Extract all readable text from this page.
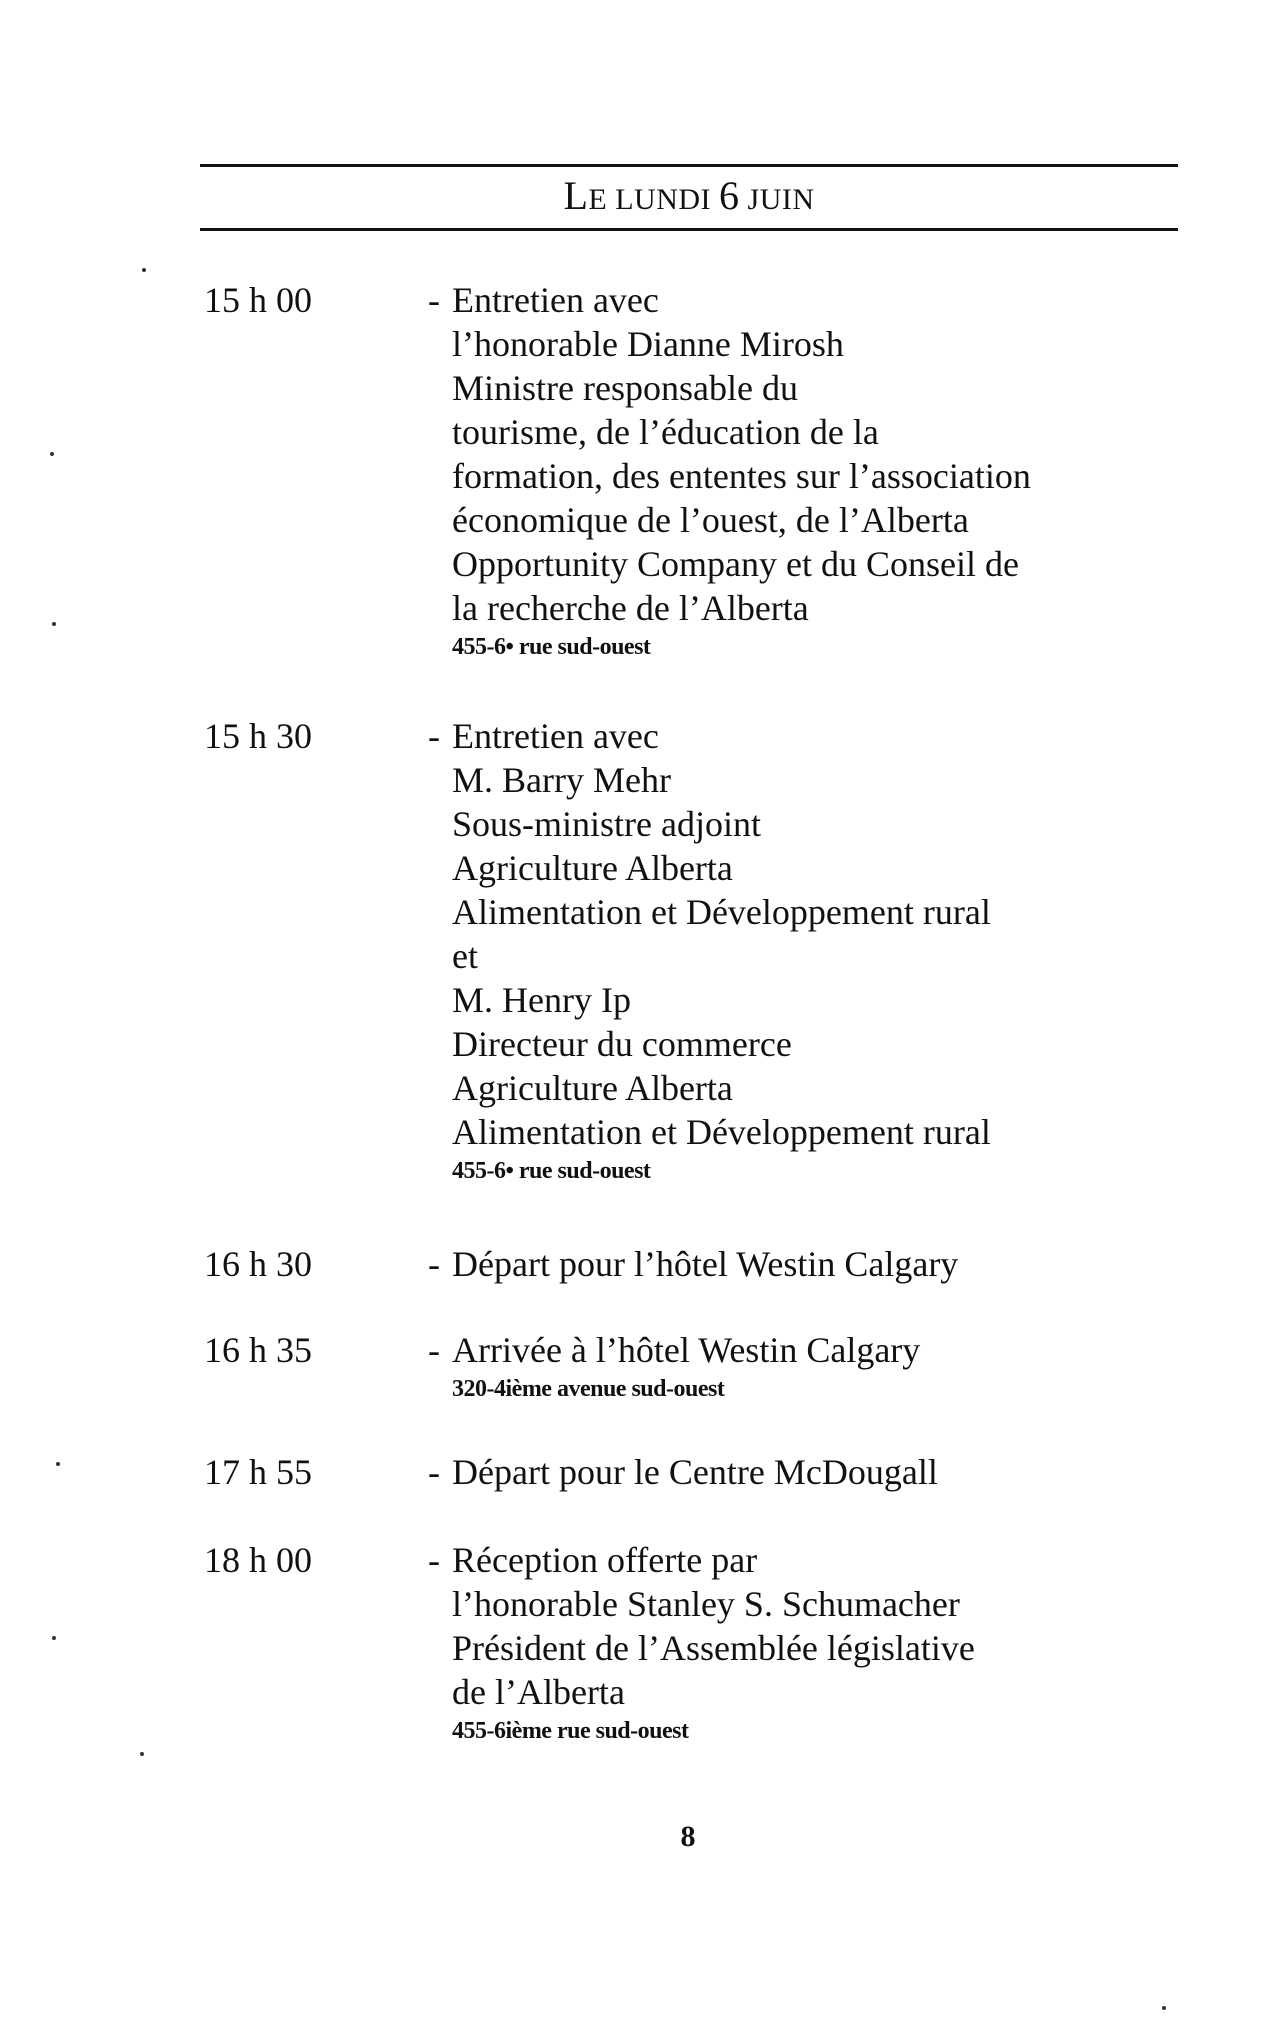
LE LUNDI 6 JUIN
15 h 00	- Entretien avec
l’honorable Dianne Mirosh
Ministre responsable du
tourisme, de l’éducation de la
formation, des ententes sur l’association
économique de l’ouest, de l’Alberta
Opportunity Company et du Conseil de
la recherche de l’Alberta
455-6• rue sud-ouest
15 h 30	- Entretien avec
M. Barry Mehr
Sous-ministre adjoint
Agriculture Alberta
Alimentation et Développement rural
et
M. Henry Ip
Directeur du commerce
Agriculture Alberta
Alimentation et Développement rural
455-6• rue sud-ouest
16 h 30	- Départ pour l’hôtel Westin Calgary
16 h 35	- Arrivée à l’hôtel Westin Calgary
320-4ième avenue sud-ouest
17 h 55	- Départ pour le Centre McDougall
18 h 00	- Réception offerte par
l’honorable Stanley S. Schumacher
Président de l’Assemblée législative
de l’Alberta
455-6ième rue sud-ouest
8
